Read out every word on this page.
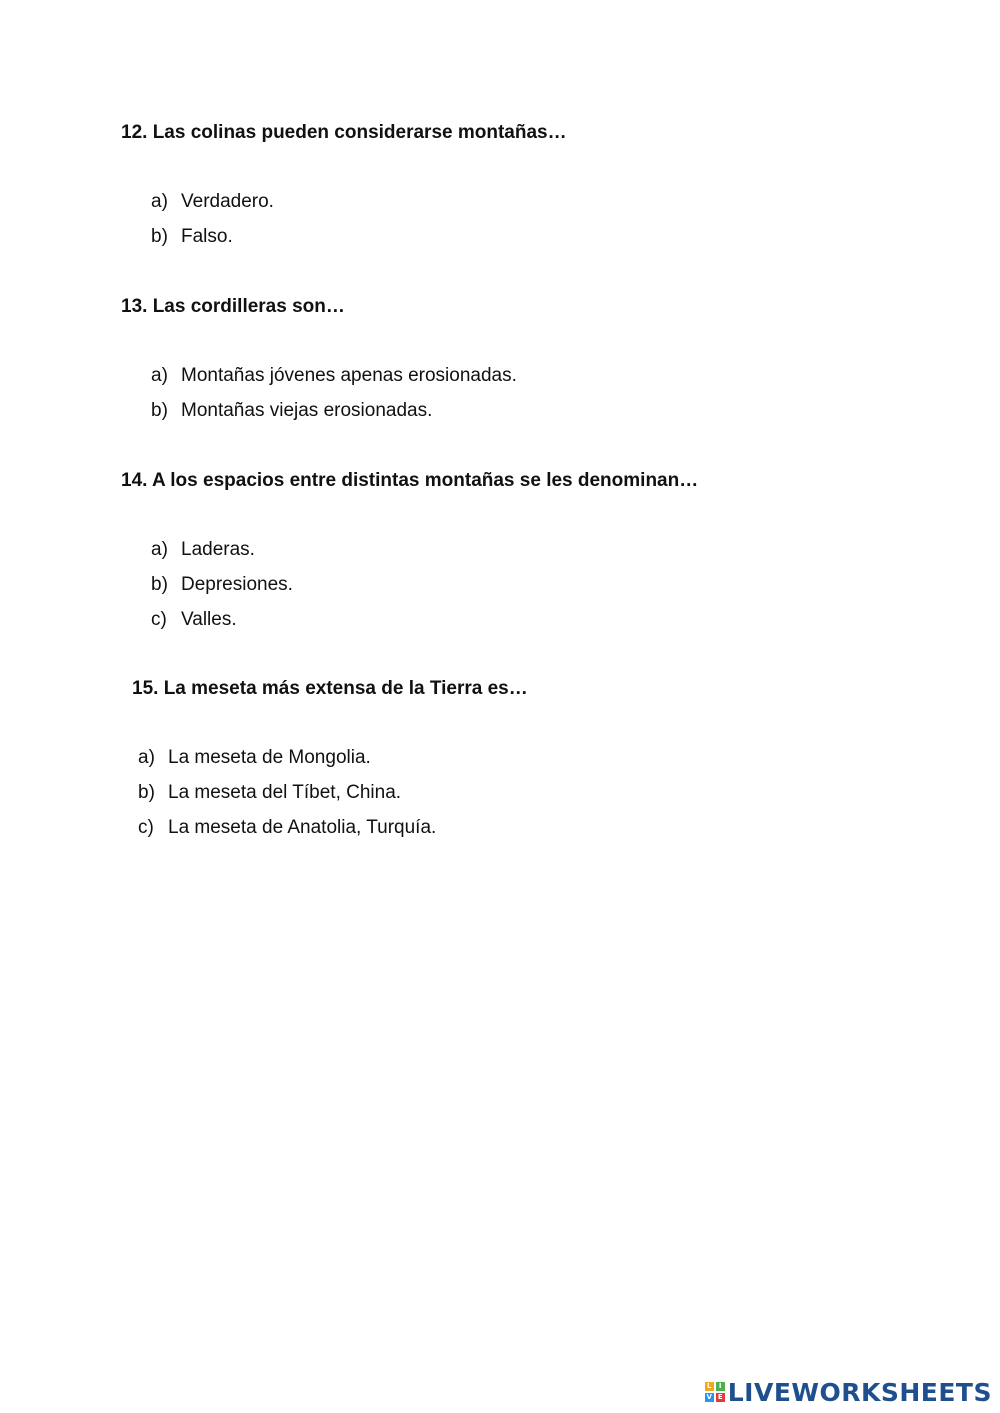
12. Las colinas pueden considerarse montañas…
a) Verdadero.
b) Falso.
13. Las cordilleras son…
a) Montañas jóvenes apenas erosionadas.
b) Montañas viejas erosionadas.
14. A los espacios entre distintas montañas se les denominan…
a) Laderas.
b) Depresiones.
c) Valles.
15. La meseta más extensa de la Tierra es…
a) La meseta de Mongolia.
b) La meseta del Tíbet, China.
c) La meseta de Anatolia, Turquía.
L	I
V E LIVEWORKSHEETS
